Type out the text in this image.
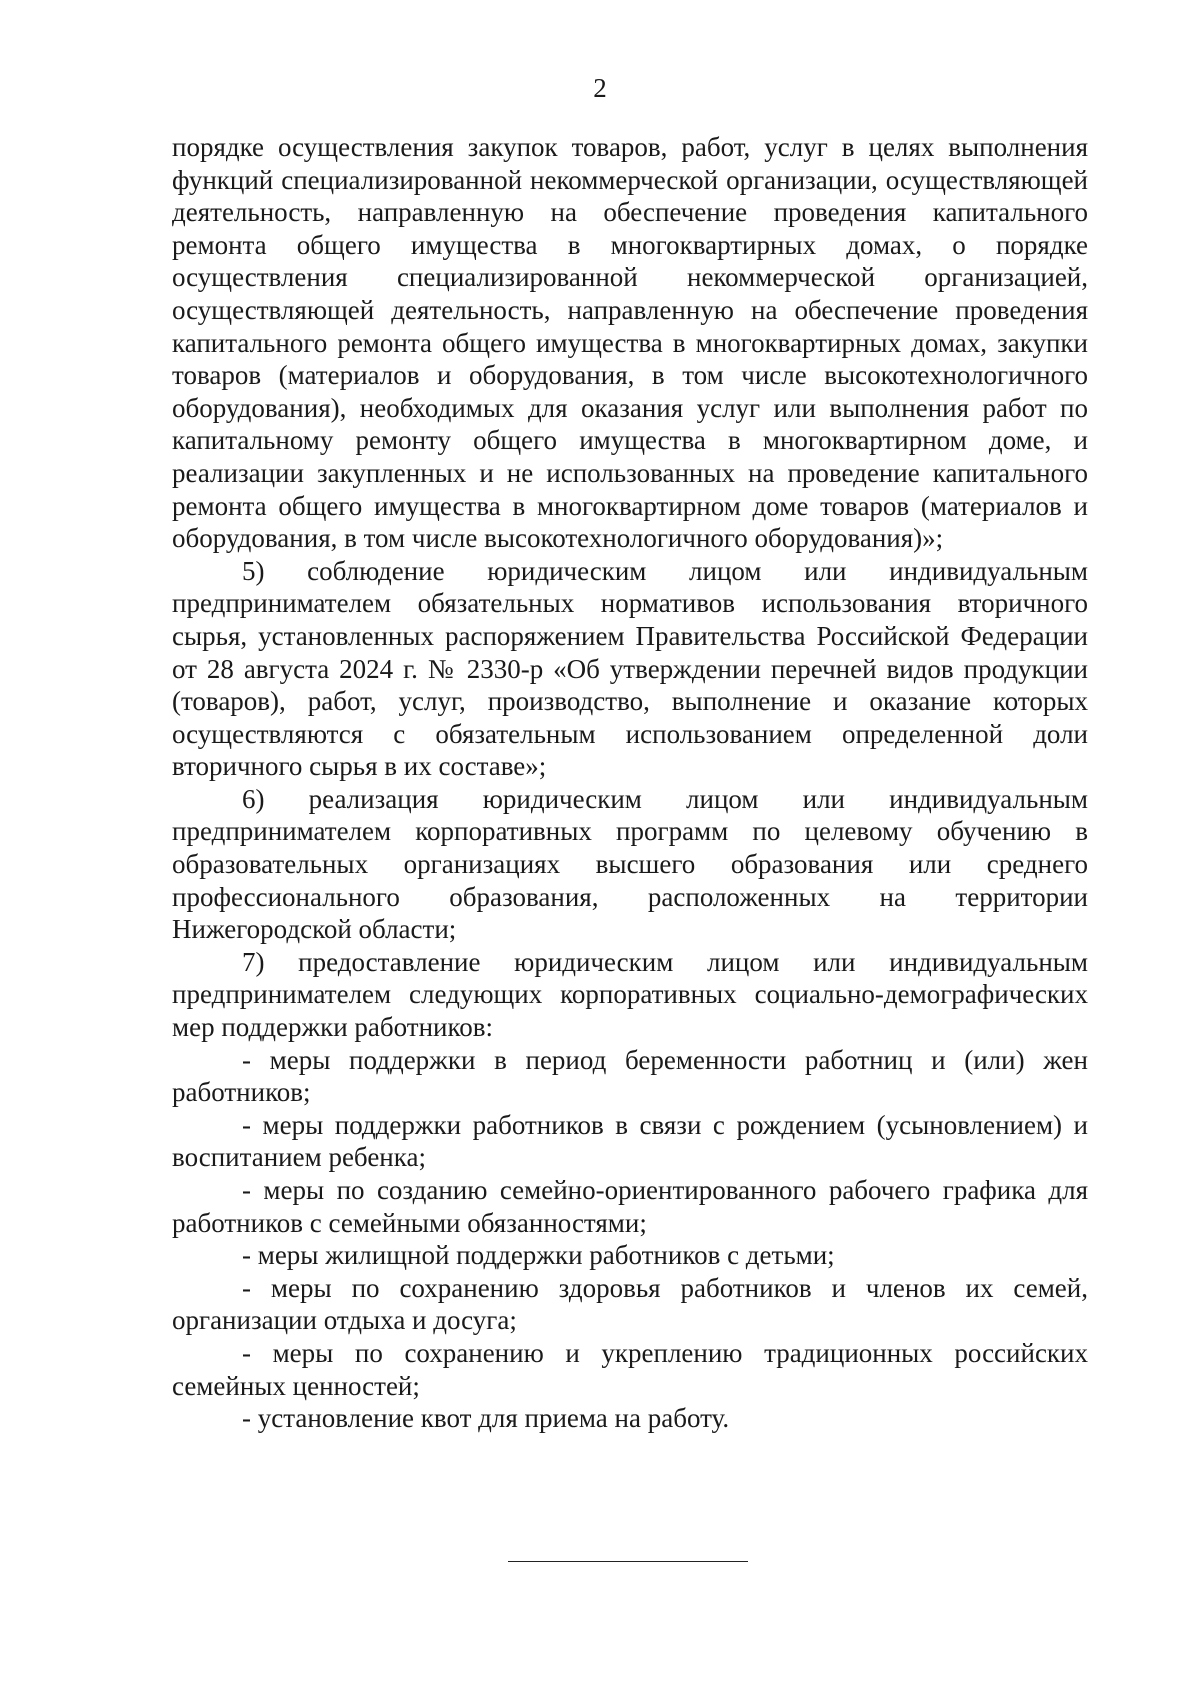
2

порядке осуществления закупок товаров, работ, услуг в целях выполнения функций специализированной некоммерческой организации, осуществляющей деятельность, направленную на обеспечение проведения капитального ремонта общего имущества в многоквартирных домах, о порядке осуществления специализированной некоммерческой организацией, осуществляющей деятельность, направленную на обеспечение проведения капитального ремонта общего имущества в многоквартирных домах, закупки товаров (материалов и оборудования, в том числе высокотехнологичного оборудования), необходимых для оказания услуг или выполнения работ по капитальному ремонту общего имущества в многоквартирном доме, и реализации закупленных и не использованных на проведение капитального ремонта общего имущества в многоквартирном доме товаров (материалов и оборудования, в том числе высокотехнологичного оборудования)»;

5) соблюдение юридическим лицом или индивидуальным предпринимателем обязательных нормативов использования вторичного сырья, установленных распоряжением Правительства Российской Федерации от 28 августа 2024 г. № 2330-р «Об утверждении перечней видов продукции (товаров), работ, услуг, производство, выполнение и оказание которых осуществляются с обязательным использованием определенной доли вторичного сырья в их составе»;

6) реализация юридическим лицом или индивидуальным предпринимателем корпоративных программ по целевому обучению в образовательных организациях высшего образования или среднего профессионального образования, расположенных на территории Нижегородской области;

7) предоставление юридическим лицом или индивидуальным предпринимателем следующих корпоративных социально-демографических мер поддержки работников:

- меры поддержки в период беременности работниц и (или) жен работников;

- меры поддержки работников в связи с рождением (усыновлением) и воспитанием ребенка;

- меры по созданию семейно-ориентированного рабочего графика для работников с семейными обязанностями;

- меры жилищной поддержки работников с детьми;

- меры по сохранению здоровья работников и членов их семей, организации отдыха и досуга;

- меры по сохранению и укреплению традиционных российских семейных ценностей;

- установление квот для приема на работу.
